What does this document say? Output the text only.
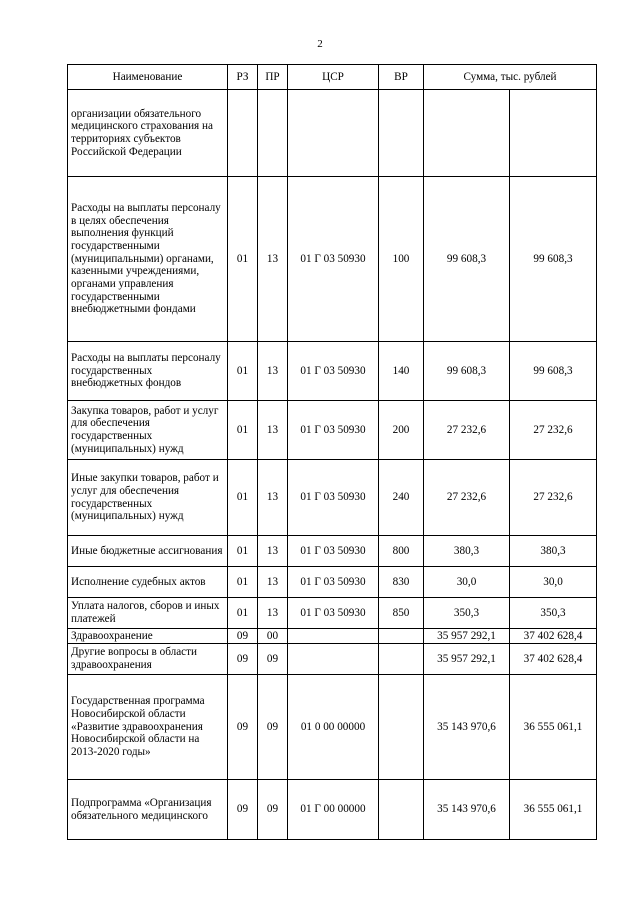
2
Наименование	РЗ	ПР	ЦСР	ВР	Сумма, тыс. рублей	
организации обязательного медицинского страхования на территориях субъектов Российской Федерации						
Расходы на выплаты персоналу в целях обеспечения выполнения функций государственными (муниципальными) органами, казенными учреждениями, органами управления государственными внебюджетными фондами	01	13	01 Г 03 50930	100	99 608,3	99 608,3
Расходы на выплаты персоналу государственных внебюджетных фондов	01	13	01 Г 03 50930	140	99 608,3	99 608,3
Закупка товаров, работ и услуг для обеспечения государственных (муниципальных) нужд	01	13	01 Г 03 50930	200	27 232,6	27 232,6
Иные закупки товаров, работ и услуг для обеспечения государственных (муниципальных) нужд	01	13	01 Г 03 50930	240	27 232,6	27 232,6
Иные бюджетные ассигнования	01	13	01 Г 03 50930	800	380,3	380,3
Исполнение судебных актов	01	13	01 Г 03 50930	830	30,0	30,0
Уплата налогов, сборов и иных платежей	01	13	01 Г 03 50930	850	350,3	350,3
Здравоохранение	09	00			35 957 292,1	37 402 628,4
Другие вопросы в области здравоохранения	09	09			35 957 292,1	37 402 628,4
Государственная программа Новосибирской области «Развитие здравоохранения Новосибирской области на 2013-2020 годы»	09	09	01 0 00 00000		35 143 970,6	36 555 061,1
Подпрограмма «Организация обязательного медицинского	09	09	01 Г 00 00000		35 143 970,6	36 555 061,1
